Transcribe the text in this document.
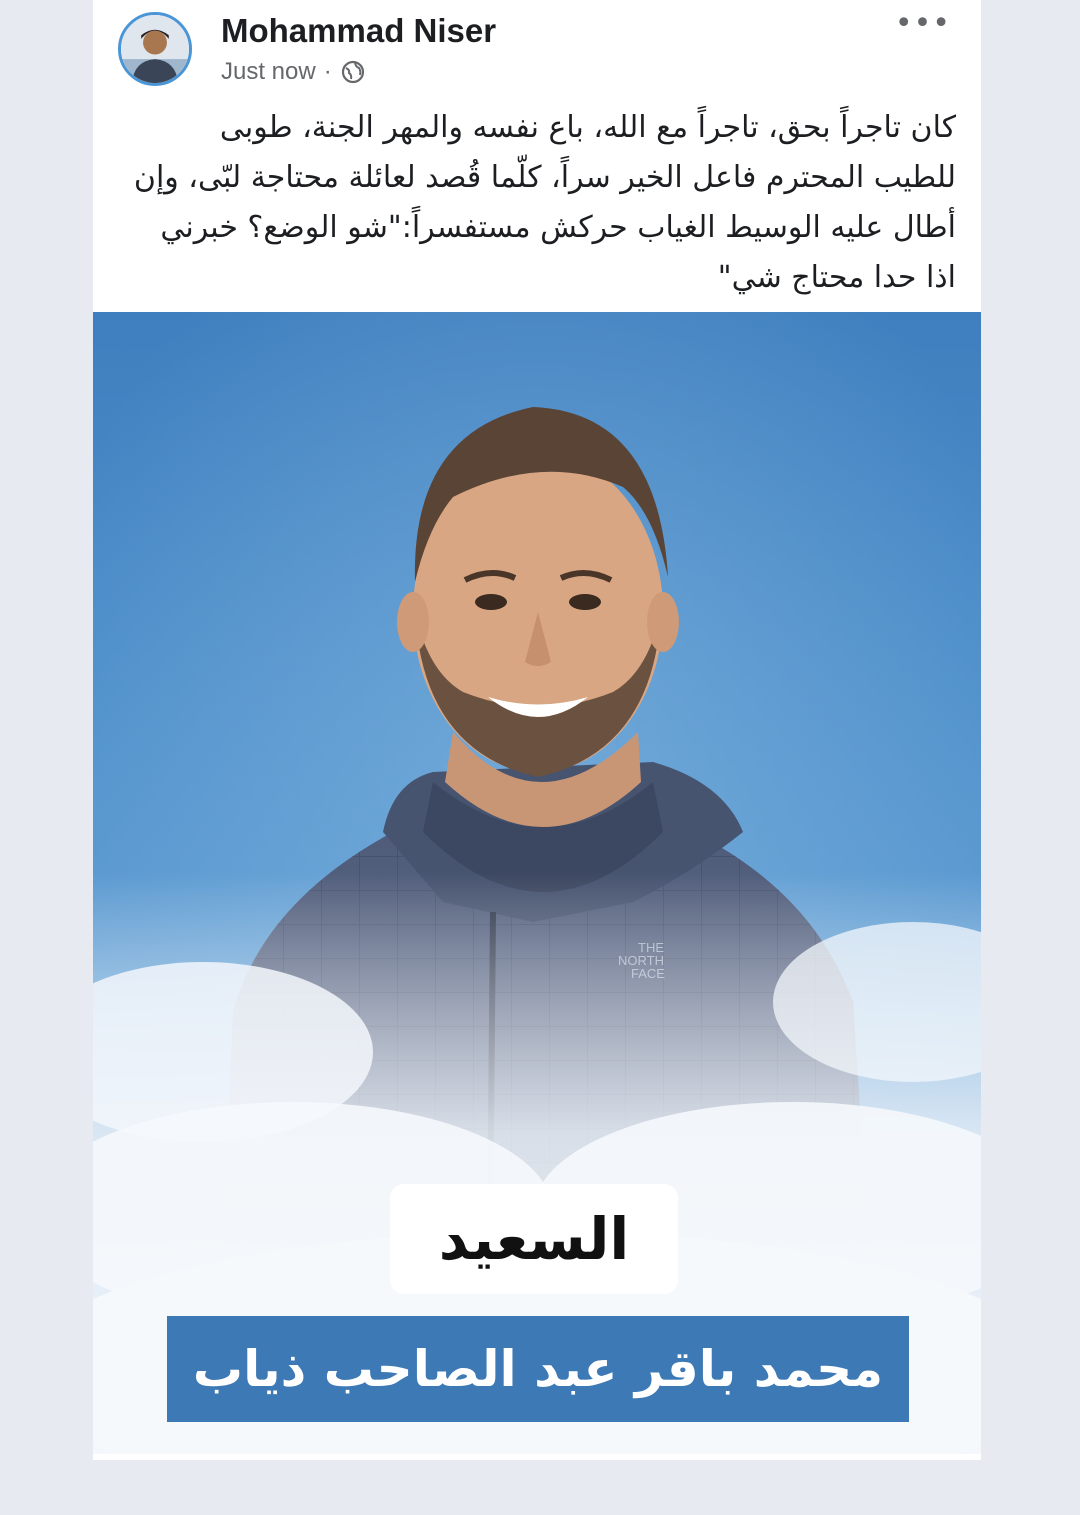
Mohammad Niser
Just now ·
•••
كان تاجراً بحق، تاجراً مع الله، باع نفسه والمهر الجنة، طوبى للطيب المحترم فاعل الخير سراً، كلّما قُصد لعائلة محتاجة لبّى، وإن أطال عليه الوسيط الغياب حركش مستفسراً:"شو الوضع؟ خبرني اذا حدا محتاج شي"
السعيد
محمد باقر عبد الصاحب ذياب
